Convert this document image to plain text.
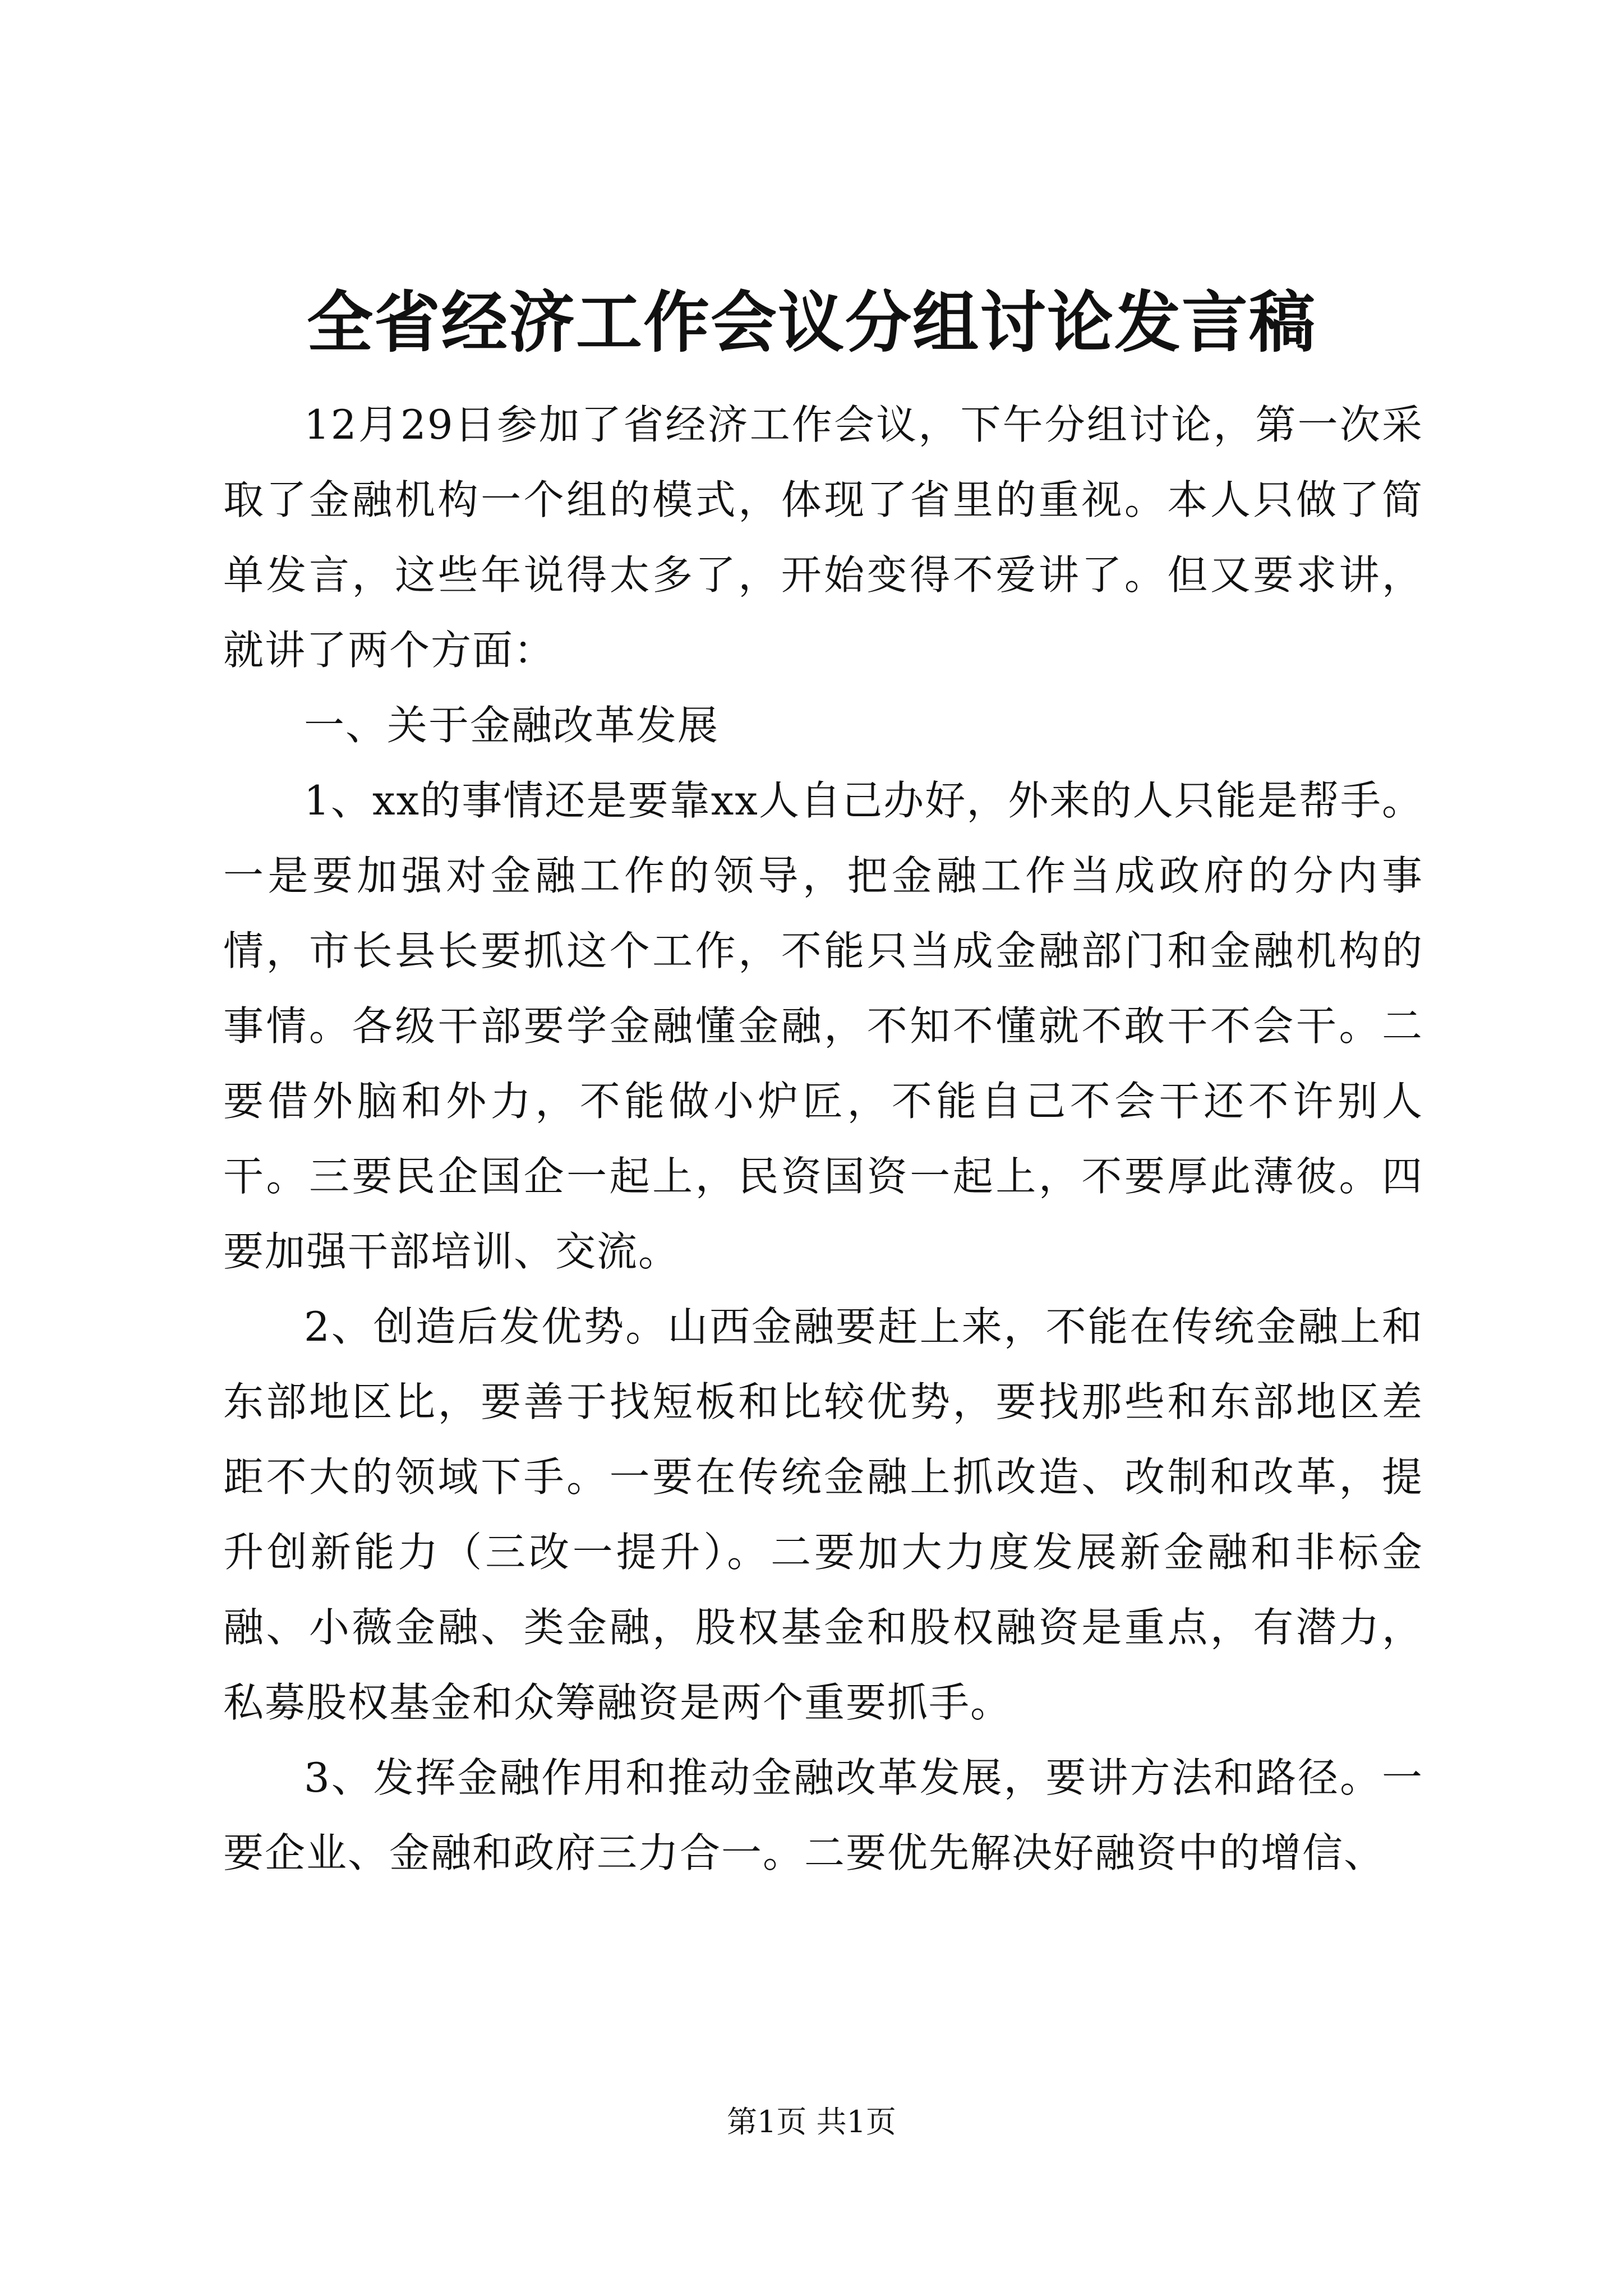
全省经济工作会议分组讨论发言稿

12月29日参加了省经济工作会议，下午分组讨论，第一次采取了金融机构一个组的模式，体现了省里的重视。本人只做了简单发言，这些年说得太多了，开始变得不爱讲了。但又要求讲，就讲了两个方面：

一、关于金融改革发展

1、xx的事情还是要靠xx人自己办好，外来的人只能是帮手。一是要加强对金融工作的领导，把金融工作当成政府的分内事情，市长县长要抓这个工作，不能只当成金融部门和金融机构的事情。各级干部要学金融懂金融，不知不懂就不敢干不会干。二要借外脑和外力，不能做小炉匠，不能自己不会干还不许别人干。三要民企国企一起上，民资国资一起上，不要厚此薄彼。四要加强干部培训、交流。

2、创造后发优势。山西金融要赶上来，不能在传统金融上和东部地区比，要善于找短板和比较优势，要找那些和东部地区差距不大的领域下手。一要在传统金融上抓改造、改制和改革，提升创新能力（三改一提升）。二要加大力度发展新金融和非标金融、小薇金融、类金融，股权基金和股权融资是重点，有潜力，私募股权基金和众筹融资是两个重要抓手。

3、发挥金融作用和推动金融改革发展，要讲方法和路径。一要企业、金融和政府三力合一。二要优先解决好融资中的增信、

第1页 共1页
